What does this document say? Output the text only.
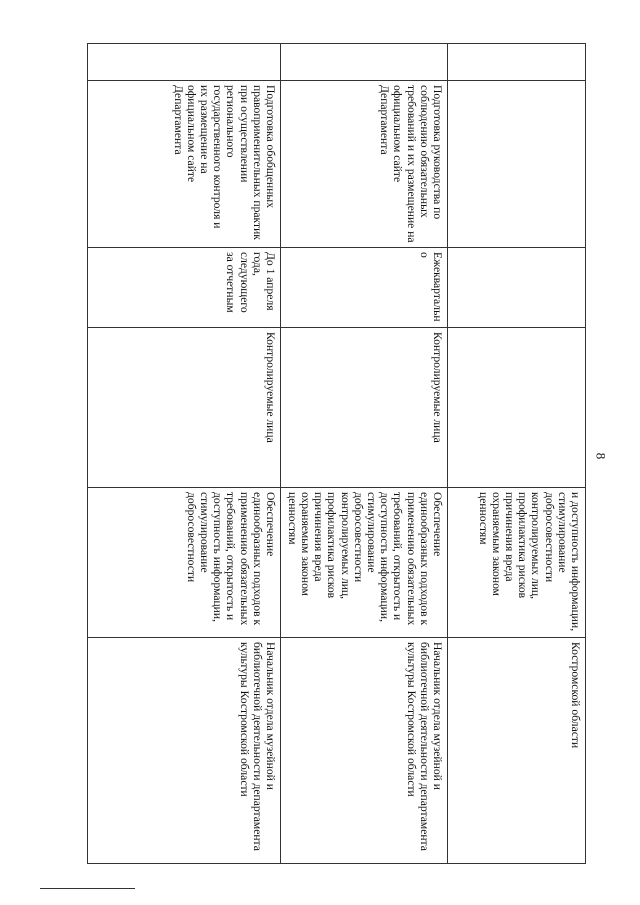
8
				и доступность информации, стимулирование добросовестности контролируемых лиц, профилактика рисков причинения вреда охраняемым законом ценностям	Костромской области
	Подготовка руководства по соблюдению обязательных требований и их размещение на официальном сайте Департамента	Ежеквартально	Контролируемые лица	Обеспечение единообразных подходов к применению обязательных требований, открытость и доступность информации, стимулирование добросовестности контролируемых лиц, профилактика рисков причинения вреда охраняемым законом ценностям	Начальник отдела музейной и библиотечной деятельности департамента культуры Костромской области
	Подготовка обобщенных правоприменительных практик при осуществлении регионального государственного контроля и их размещение на официальном сайте Департамента	До 1 апреля года, следующего за отчетным	Контролируемые лица	Обеспечение единообразных подходов к применению обязательных требований, открытость и доступность информации, стимулирование добросовестности	Начальник отдела музейной и библиотечной деятельности департамента культуры Костромской области
